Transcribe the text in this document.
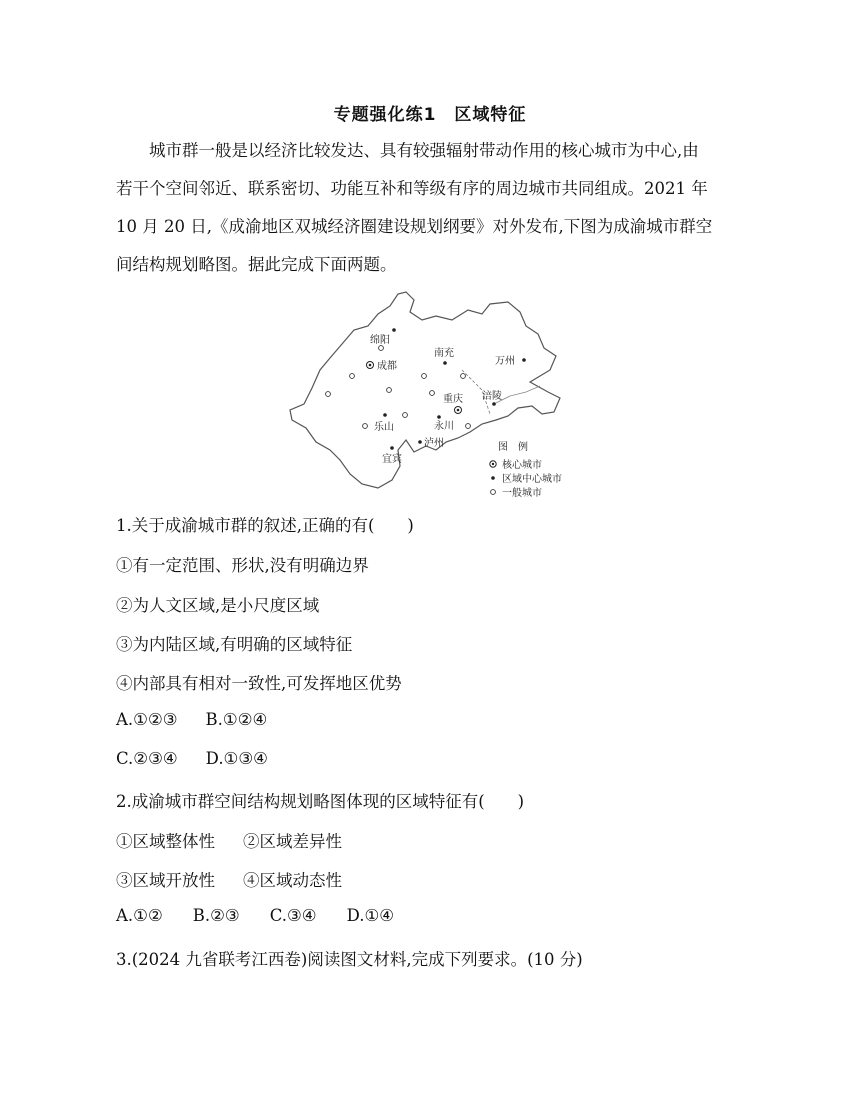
专题强化练1　区域特征
城市群一般是以经济比较发达、具有较强辐射带动作用的核心城市为中心,由
若干个空间邻近、联系密切、功能互补和等级有序的周边城市共同组成。2021 年
10 月 20 日,《成渝地区双城经济圈建设规划纲要》对外发布,下图为成渝城市群空
间结构规划略图。据此完成下面两题。
成都
重庆
绵阳
南充
万州
涪陵
乐山	永川
泸州
宜宾
图　例
核心城市
区域中心城市
一般城市
1.关于成渝城市群的叙述,正确的有(　　)
①有一定范围、形状,没有明确边界
②为人文区域,是小尺度区域
③为内陆区域,有明确的区域特征
④内部具有相对一致性,可发挥地区优势
A.①②③ B.①②④
C.②③④ D.①③④
2.成渝城市群空间结构规划略图体现的区域特征有(　　)
①区域整体性 ②区域差异性
③区域开放性 ④区域动态性
A.①② B.②③ C.③④ D.①④
3.(2024 九省联考江西卷)阅读图文材料,完成下列要求。(10 分)
